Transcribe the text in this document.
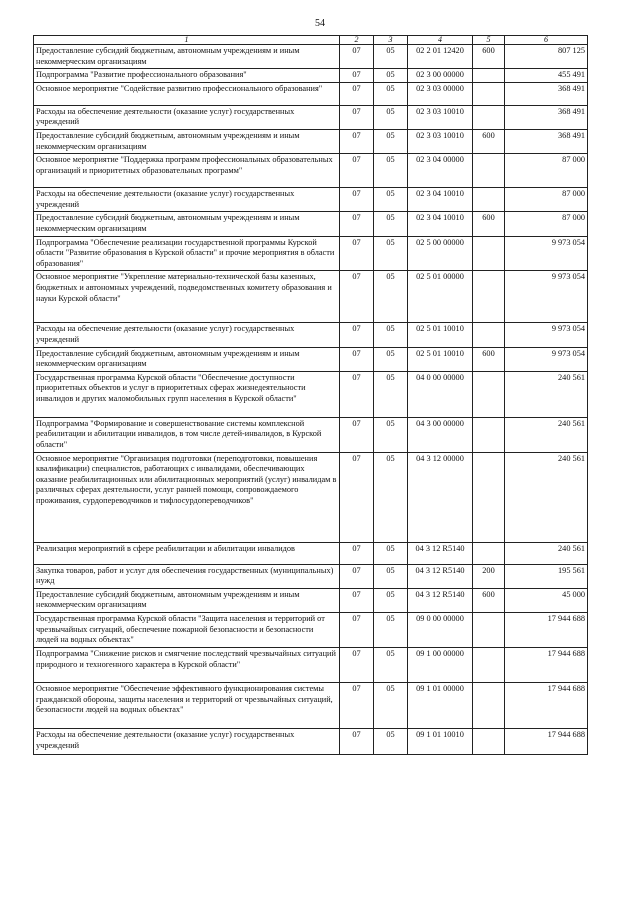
54
1	2	3	4	5	6
Предоставление субсидий бюджетным, автономным учреждениям и иным некоммерческим организациям	07	05	02 2 01 12420	600	807 125
Подпрограмма "Развитие профессионального образования"	07	05	02 3 00 00000		455 491
Основное мероприятие "Содействие развитию профессионального образования"	07	05	02 3 03 00000		368 491
Расходы на обеспечение деятельности (оказание услуг) государственных учреждений	07	05	02 3 03 10010		368 491
Предоставление субсидий бюджетным, автономным учреждениям и иным некоммерческим организациям	07	05	02 3 03 10010	600	368 491
Основное мероприятие "Поддержка программ профессиональных образовательных организаций и приоритетных образовательных программ"	07	05	02 3 04 00000		87 000
Расходы на обеспечение деятельности (оказание услуг) государственных учреждений	07	05	02 3 04 10010		87 000
Предоставление субсидий бюджетным, автономным учреждениям и иным некоммерческим организациям	07	05	02 3 04 10010	600	87 000
Подпрограмма "Обеспечение реализации государственной программы Курской области "Развитие образования в Курской области" и прочие мероприятия в области образования"	07	05	02 5 00 00000		9 973 054
Основное мероприятие "Укрепление материально-технической базы казенных, бюджетных и автономных учреждений, подведомственных комитету образования и науки Курской области"	07	05	02 5 01 00000		9 973 054
Расходы на обеспечение деятельности (оказание услуг) государственных учреждений	07	05	02 5 01 10010		9 973 054
Предоставление субсидий бюджетным, автономным учреждениям и иным некоммерческим организациям	07	05	02 5 01 10010	600	9 973 054
Государственная программа Курской области "Обеспечение доступности приоритетных объектов и услуг в приоритетных сферах жизнедеятельности инвалидов и других маломобильных групп населения в Курской области"	07	05	04 0 00 00000		240 561
Подпрограмма "Формирование и совершенствование системы комплексной реабилитации и абилитации инвалидов, в том числе детей-инвалидов, в Курской области"	07	05	04 3 00 00000		240 561
Основное мероприятие "Организация подготовки (переподготовки, повышения квалификации) специалистов, работающих с инвалидами, обеспечивающих оказание реабилитационных или абилитационных мероприятий (услуг) инвалидам в различных сферах деятельности, услуг ранней помощи, сопровождаемого проживания, сурдопереводчиков и тифлосурдопереводчиков"	07	05	04 3 12 00000		240 561
Реализация мероприятий в сфере реабилитации и абилитации инвалидов	07	05	04 3 12 R5140		240 561
Закупка товаров, работ и услуг для обеспечения государственных (муниципальных) нужд	07	05	04 3 12 R5140	200	195 561
Предоставление субсидий бюджетным, автономным учреждениям и иным некоммерческим организациям	07	05	04 3 12 R5140	600	45 000
Государственная программа Курской области "Защита населения и территорий от чрезвычайных ситуаций, обеспечение пожарной безопасности и безопасности людей на водных объектах"	07	05	09 0 00 00000		17 944 688
Подпрограмма "Снижение рисков и смягчение последствий чрезвычайных ситуаций природного и техногенного характера в Курской области"	07	05	09 1 00 00000		17 944 688
Основное мероприятие "Обеспечение эффективного функционирования системы гражданской обороны, защиты населения и территорий от чрезвычайных ситуаций, безопасности людей на водных объектах"	07	05	09 1 01 00000		17 944 688
Расходы на обеспечение деятельности (оказание услуг) государственных учреждений	07	05	09 1 01 10010		17 944 688
